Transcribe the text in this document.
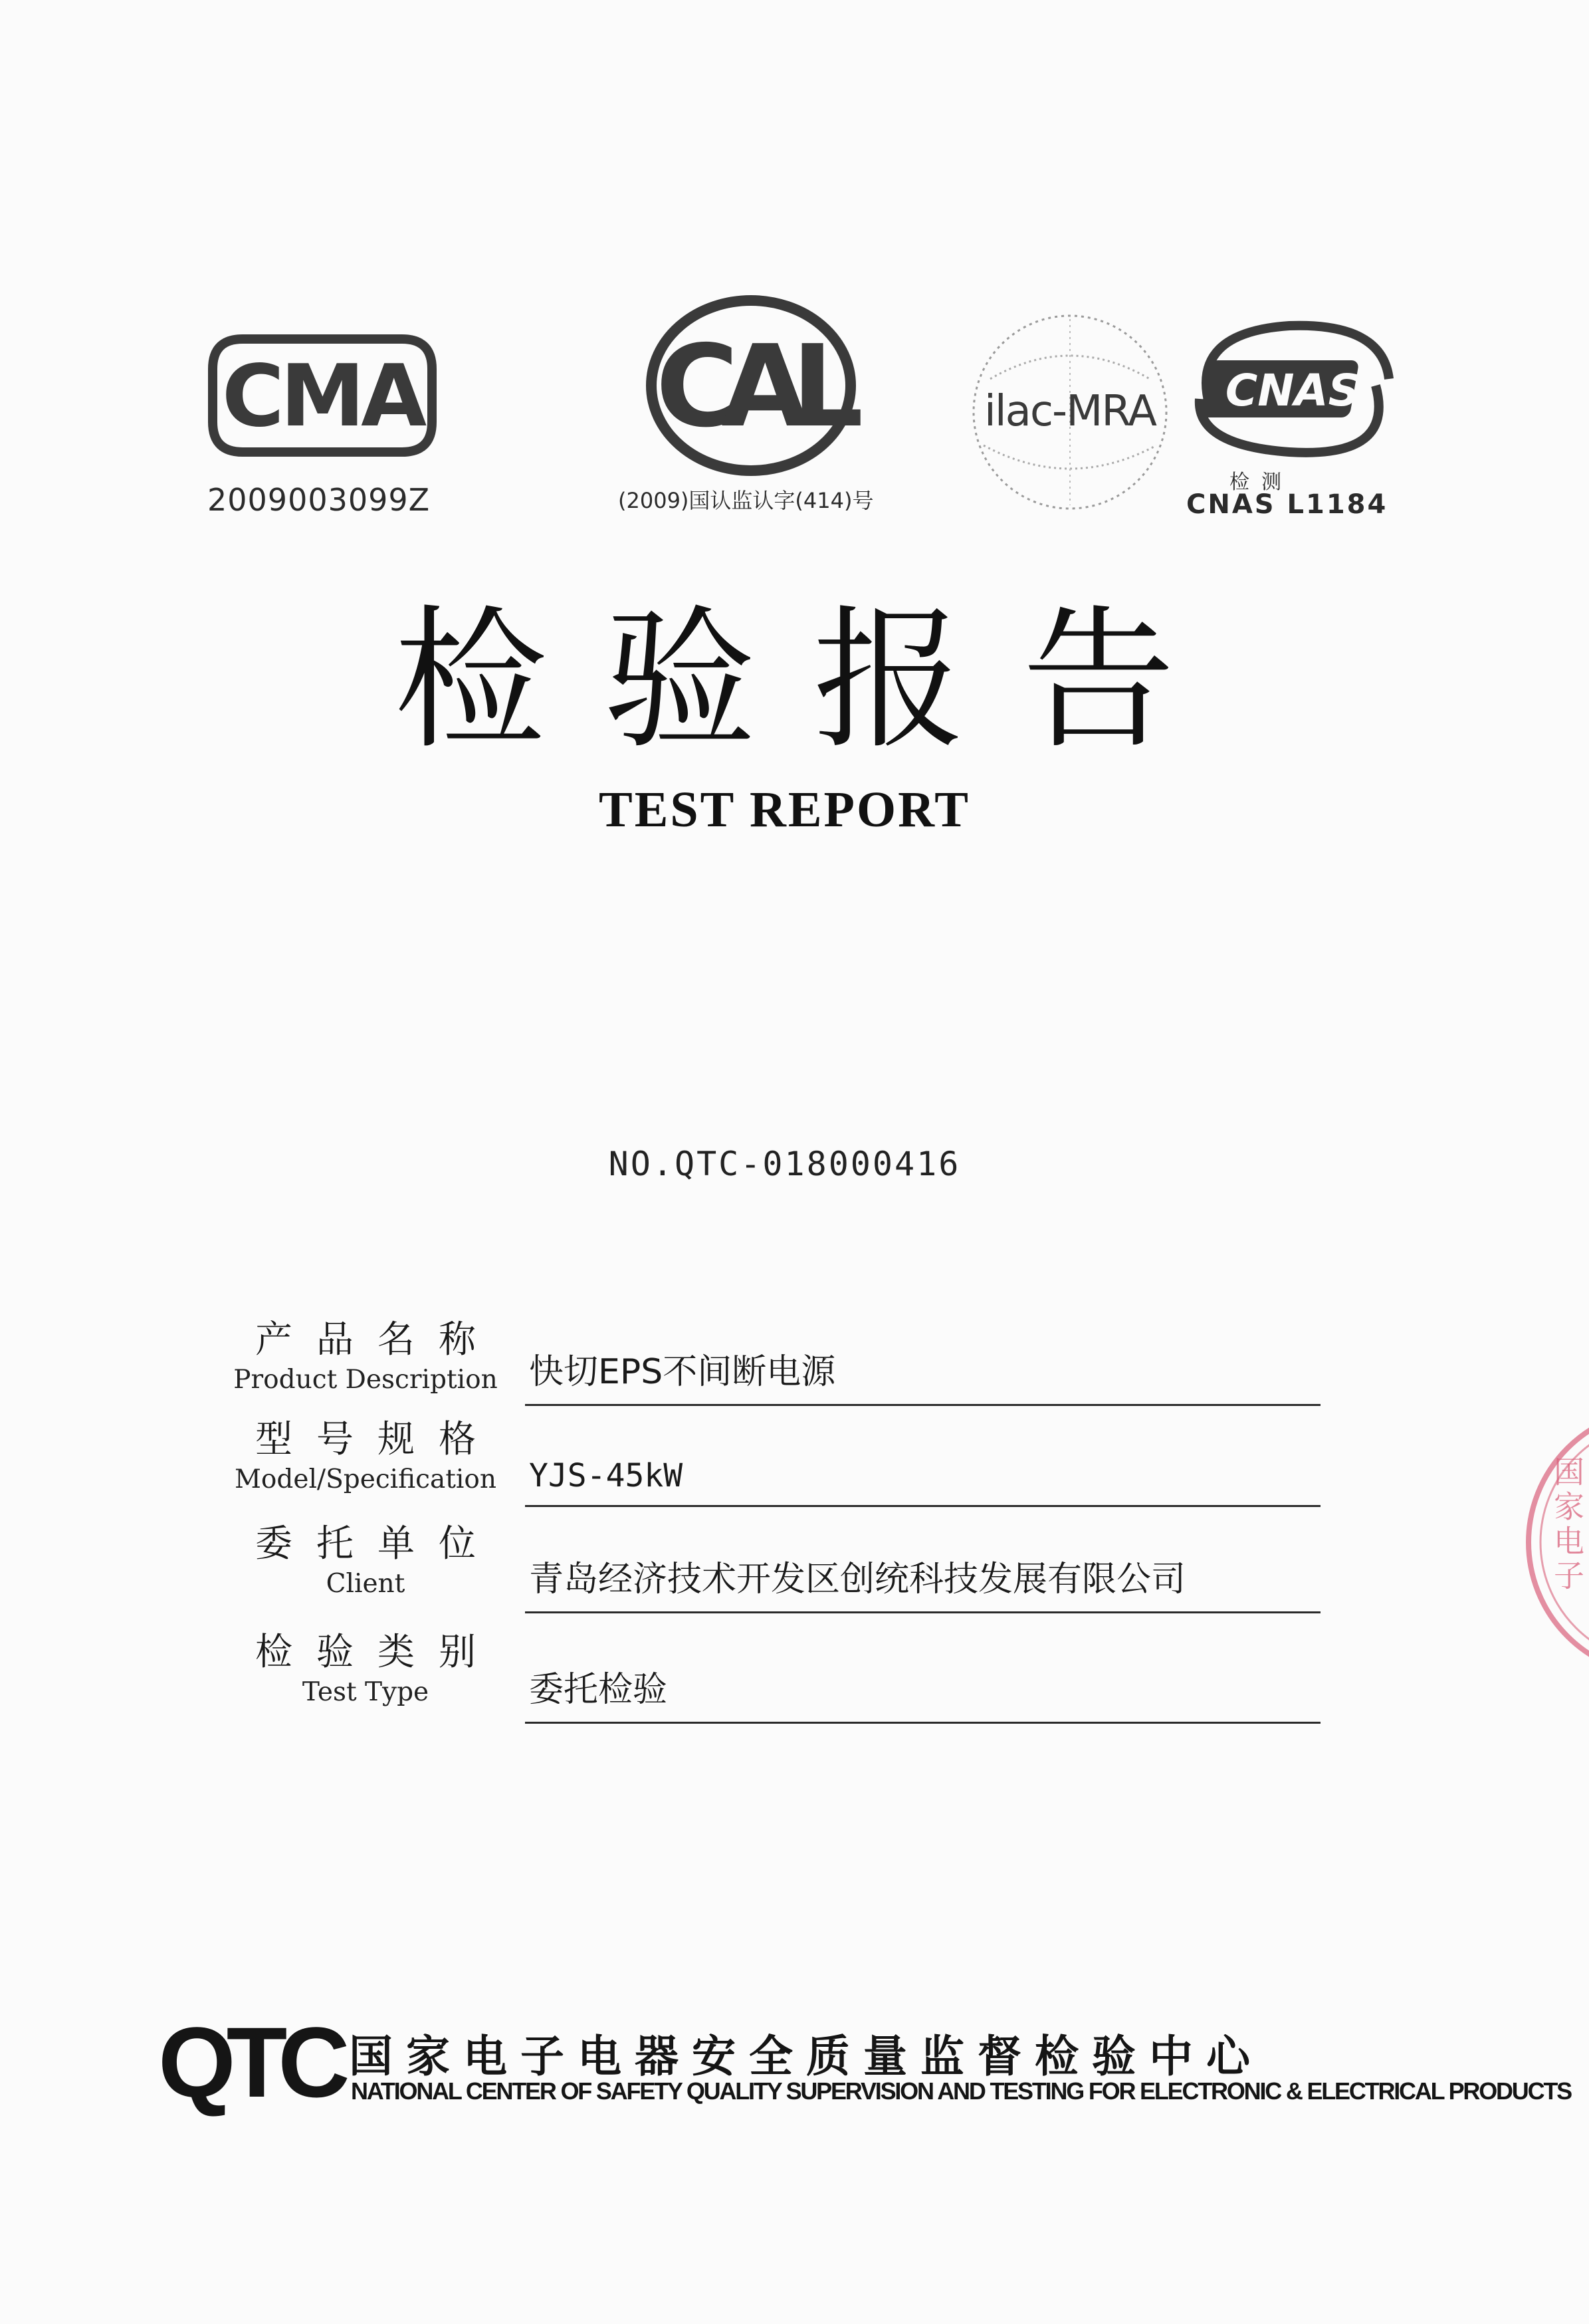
CMA
2009003099Z
CAL
(2009)国认监认字(414)号
ilac-MRA CNAS
检测
CNAS L1184
检验报告
TEST REPORT
NO.QTC-018000416
产品名称
Product Description 快切EPS不间断电源
型号规格
Model/Specification YJS-45kW
委托单位
Client	青岛经济技术开发区创统科技发展有限公司
检验类别
Test Type	委托检验
QTC 国家电子电器安全质量监督检验中心
NATIONAL CENTER OF SAFETY QUALITY SUPERVISION AND TESTING FOR ELECTRONIC & ELECTRICAL PRODUCTS
国家电子
